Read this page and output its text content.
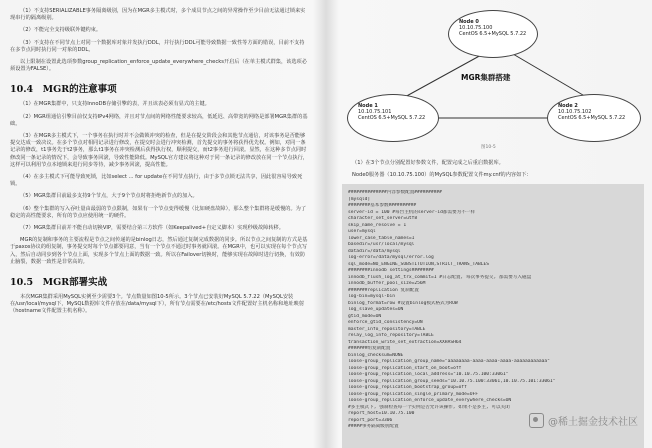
（1）不支持SERIALIZABLE事务隔离级别，因为在MGR多主模式时，多个成员节点之间的异常操作至少目前无法通过锁来实现串行的隔离级别。

（2）不能完全支持级联外键约束。

（3）不支持在不同节点上对同一个数据库对象并发执行DDL，并行执行DDL可能导致数据一致性等方面的错误，目前不支持在多节点同时执行同一对象的DDL。

以上限制在设置此选项参数group_replication_enforce_update_everywhere_checks开启后（在单主模式群集，该选项必须设置为FALSE）。

10.4　MGR的注意事项

（1）在MGR集群中，只支持InnoDB存储引擎的表，并且该表必须有显式的主键。

（2）MGR组通信引擎目前仅支持IPv4网络，并且对节点间的网络性能要求较高，低延迟、高带宽的网络是部署MGR集群的基础。

（3）在MGR多主模式下，一个事务在执行时并不会做锁冲突的检查，但是在提交阶段会和其他节点通信，对该事务是否能够提交达成一致决议。在多个节点对相同记录进行修改，在提交时会进行冲突检测，首先提交的事务将获得优先权。例如，对同一条记录的修改，t1事务先于t2事务，那么t1事务在冲突检测后获得执行权，顺利提交，而t2事务进行回滚。显然，在这种多节点同时修改同一条记录的情况下，会导致事务回滚，导致性能降低。MySQL官方建议将这种对于同一条记录的修改放在同一个节点执行，这样可以利用节点本地锁来进行同步等待，减少事务回滚，提高性能。

（4）在多主模式下可能导致死锁，比如select ... for update在不同节点执行，由于多节点锁无法共享，因此很容易导致死锁。

（5）MGR集群目前最多支持9个节点，大于9个节点时将拒绝新节点的加入。

（6）整个集群的写入吞吐量由最弱的节点限制，如果有一个节点变得缓慢（比如硬盘故障），那么整个集群将是缓慢的。为了稳定的高性能要求，所有的节点应使用统一的硬件。

（7）MGR集群目前并不能自动切换VIP，需要结合第三方软件（如Keepalived+自定义脚本）实现秒级故障转移。

MGR的复制和事务的主要流程是节点之间传递的是binlog日志，然后通过复制完成数据的同步。所以节点之间复制的方式是基于paxos协议的组复制，事务提交时每个节点都要同意，当有一个节点不通过时事务就回滚。在MGR中，也可以实现在每个节点写入，然后自动同步到各个节点上面，实现多个节点上面的数据一致。所以在Failover切换时，能够实现在故障时进行切换，有效防止脑裂，数据一致性是非常高的。

10.5　MGR部署实战

本次MGR集群采用MySQL实例至少需要3个。节点数量如图10-5所示。3个节点已安装好MySQL 5.7.22（MySQL安装在/usr/local/mysql下，MySQL数据库文件存放在/data/mysql下），所有节点需要在/etc/hosts文件配置好主机名称和地址映射（hostname文件配置主机名称）。

Node 0
10.10.75.100
CentOS 6.5+MySQL 5.7.22
Node 1
10.10.75.101
CentOS 6.5+MySQL 5.7.22
Node 2
10.10.75.102
CentOS 6.5+MySQL 5.7.22
MGR集群搭建
图10-5

（1）在3个节点分别配置好参数文件，配置完成之后重启数据库。

Node0服务器（10.10.75.100）的MySQL参数配置文件my.cnf的内容如下：

##############内容参数配置##########
[mysqld]
########基本参数##########
server-id = 100 #每台主机的server-id都需要为不一样
character_set_server=utf8
skip_name_resolve = 1
user=mysql
lower_case_table_names=1
basedir=/usr/local/mysql
datadir=/data/mysql
log-error=/data/mysql/error.log
sql_mode=NO_ENGINE_SUBSTITUTION,STRICT_TRANS_TABLES
########innodb settings########
innodb_flush_log_at_trx_commit=1 #日志配置, 每次事务提交, 都需要写入磁盘
innodb_buffer_pool_size=256M
#######replication 复制配置
log-bin=mysql-bin
binlog_format=row #设置binlog模式格式为ROW
log_slave_updates=ON
gtid_mode=ON
enforce_gtid_consistency=ON
master_info_repository=TABLE
relay_log_info_repository=TABLE
transaction_write_set_extraction=XXHASH64
#######组复制配置
binlog_checksum=NONE
loose-group_replication_group_name="aaaaaaaa-aaaa-aaaa-aaaa-aaaaaaaaaaaa"
loose-group_replication_start_on_boot=off
loose-group_replication_local_address="10.10.75.100:33061"
loose-group_replication_group_seeds="10.10.75.100:33061,10.10.75.101:33061"
loose-group_replication_bootstrap_group=off
loose-group_replication_single_primary_mode=OFF
loose-group_replication_enforce_update_everywhere_checks=ON
#多主模式下, 强制检查每一个实例是否允许该操作, 如果不是多主, 可以关闭
report_host=10.10.75.100
report_port=3306
#####事务隔离级别配置	@稀土掘金技术社区
